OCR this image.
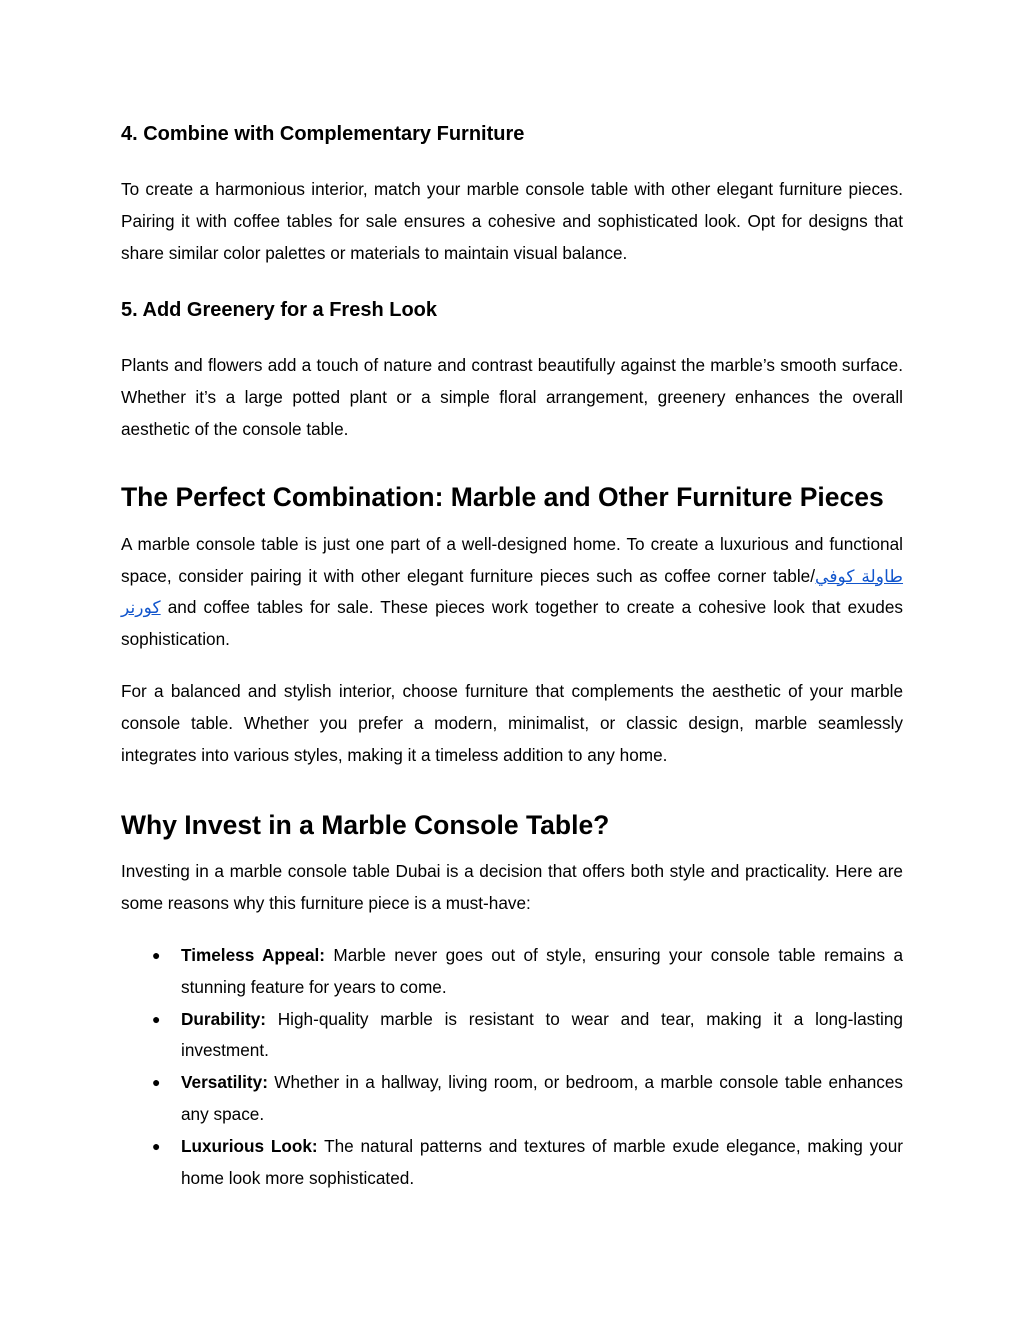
4. Combine with Complementary Furniture

To create a harmonious interior, match your marble console table with other elegant furniture pieces. Pairing it with coffee tables for sale ensures a cohesive and sophisticated look. Opt for designs that share similar color palettes or materials to maintain visual balance.

5. Add Greenery for a Fresh Look

Plants and flowers add a touch of nature and contrast beautifully against the marble’s smooth surface. Whether it’s a large potted plant or a simple floral arrangement, greenery enhances the overall aesthetic of the console table.

The Perfect Combination: Marble and Other Furniture Pieces

A marble console table is just one part of a well-designed home. To create a luxurious and functional space, consider pairing it with other elegant furniture pieces such as coffee corner table/طاولة كوفي كورنر and coffee tables for sale. These pieces work together to create a cohesive look that exudes sophistication.

For a balanced and stylish interior, choose furniture that complements the aesthetic of your marble console table. Whether you prefer a modern, minimalist, or classic design, marble seamlessly integrates into various styles, making it a timeless addition to any home.

Why Invest in a Marble Console Table?

Investing in a marble console table Dubai is a decision that offers both style and practicality. Here are some reasons why this furniture piece is a must-have:

● Timeless Appeal: Marble never goes out of style, ensuring your console table remains a stunning feature for years to come.
● Durability: High-quality marble is resistant to wear and tear, making it a long-lasting investment.
● Versatility: Whether in a hallway, living room, or bedroom, a marble console table enhances any space.
● Luxurious Look: The natural patterns and textures of marble exude elegance, making your home look more sophisticated.
